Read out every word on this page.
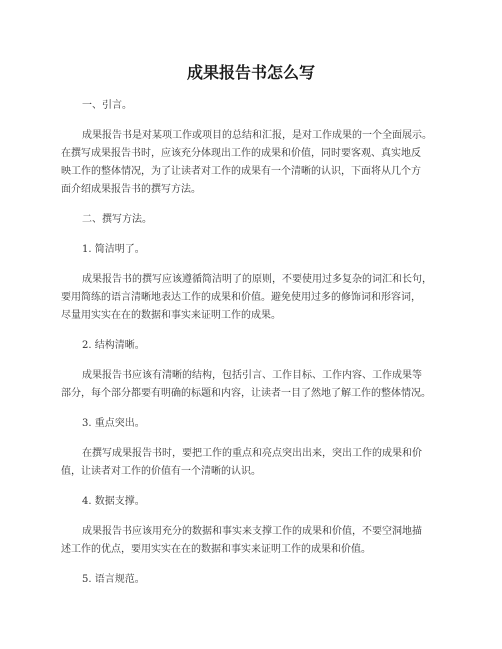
成果报告书怎么写
一、引言。
成果报告书是对某项工作或项目的总结和汇报，是对工作成果的一个全面展示。
在撰写成果报告书时，应该充分体现出工作的成果和价值，同时要客观、真实地反
映工作的整体情况，为了让读者对工作的成果有一个清晰的认识，下面将从几个方
面介绍成果报告书的撰写方法。
二、撰写方法。
1. 简洁明了。
成果报告书的撰写应该遵循简洁明了的原则，不要使用过多复杂的词汇和长句，
要用简练的语言清晰地表达工作的成果和价值。避免使用过多的修饰词和形容词，
尽量用实实在在的数据和事实来证明工作的成果。
2. 结构清晰。
成果报告书应该有清晰的结构，包括引言、工作目标、工作内容、工作成果等
部分，每个部分都要有明确的标题和内容，让读者一目了然地了解工作的整体情况。
3. 重点突出。
在撰写成果报告书时，要把工作的重点和亮点突出出来，突出工作的成果和价
值，让读者对工作的价值有一个清晰的认识。
4. 数据支撑。
成果报告书应该用充分的数据和事实来支撑工作的成果和价值，不要空洞地描
述工作的优点，要用实实在在的数据和事实来证明工作的成果和价值。
5. 语言规范。
